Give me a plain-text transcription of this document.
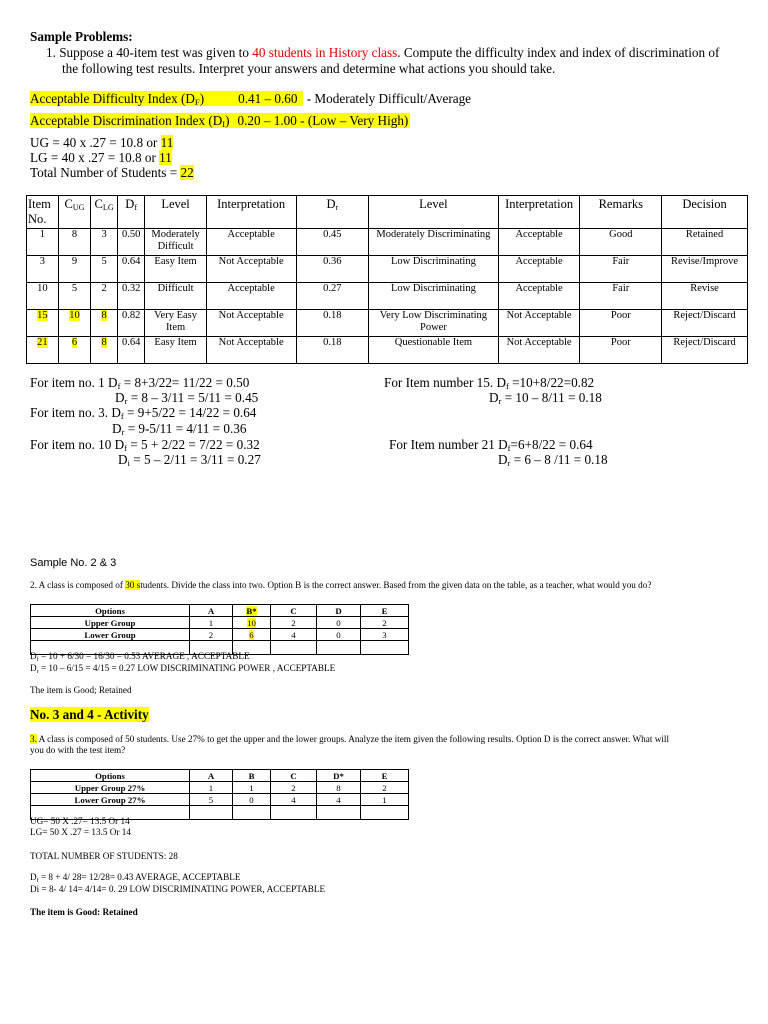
Sample Problems:
1. Suppose a 40-item test was given to 40 students in History class. Compute the difficulty index and index of discrimination of
the following test results. Interpret your answers and determine what actions you should take.
Acceptable Difficulty Index $(D_F)$	0.41 – 0.60 - Moderately Difficult/Average
Acceptable Discrimination Index $(D_I)$ 0.20 – 1.00 - (Low – Very High)
UG = 40 x .27 = 10.8 or 11
LG = 40 x .27 = 10.8 or 11
Total Number of Students = 22
Item No.	$C_{UG}$	$C_{LG}$	$D_f$	Level	Interpretation	$D_r$	Level	Interpretation	Remarks	Decision
1	8	3	0.50	Moderately Difficult	Acceptable	0.45	Moderately Discriminating	Acceptable	Good	Retained
3	9	5	0.64	Easy Item	Not Acceptable	0.36	Low Discriminating	Acceptable	Fair	Revise/Improve
10	5	2	0.32	Difficult	Acceptable	0.27	Low Discriminating	Acceptable	Fair	Revise
15	10	8	0.82	Very Easy Item	Not Acceptable	0.18	Very Low Discriminating Power	Not Acceptable	Poor	Reject/Discard
21	6	8	0.64	Easy Item	Not Acceptable	0.18	Questionable Item	Not Acceptable	Poor	Reject/Discard
For item no. 1 $D_f = 8+3/22= 11/22 = 0.50$
$D_r = 8 - 3/11 = 5/11 = 0.45$
For item no. 3. $D_f = 9+5/22 = 14/22 = 0.64$
$D_r = 9-5/11 = 4/11 = 0.36$
For item no. 10 $D_f = 5 + 2/22 = 7/22 = 0.32$
$D_i = 5 - 2/11 = 3/11 = 0.27$
For Item number 15. $D_f =10+8/22=0.82$
$D_r = 10 - 8/11 = 0.18$
For Item number 21 $D_f=6+8/22 = 0.64$
$D_r = 6 - 8$ /11 = 0.18
Sample No. 2 & 3
2. A class is composed of 30 students. Divide the class into two. Option B is the correct answer. Based from the given data on the table, as a teacher, what would you do?
Options	A	B*	C	D	E
Upper Group	1	10	2	0	2
Lower Group	2	6	4	0	3

$D_f = 10 + 6/30 = 16/30 = 0.53$ AVERAGE , ACCEPTABLE
$D_r = 10 - 6/15 = 4/15 = 0.27$ LOW DISCRIMINATING POWER , ACCEPTABLE
The item is Good; Retained
No. 3 and 4 - Activity
3. A class is composed of 50 students. Use 27% to get the upper and the lower groups. Analyze the item given the following results. Option D is the correct answer. What will
you do with the test item?
Options	A	B	C	D*	E
Upper Group 27%	1	1	2	8	2
Lower Group 27%	5	0	4	4	1

UG= 50 X .27= 13.5 Or 14
LG= 50 X .27 = 13.5 Or 14
TOTAL NUMBER OF STUDENTS: 28
$D_f = 8 + 4/$ 28= 12/28= 0.43 AVERAGE, ACCEPTABLE
Di = 8- 4/ 14= 4/14= 0. 29 LOW DISCRIMINATING POWER, ACCEPTABLE
The item is Good: Retained
